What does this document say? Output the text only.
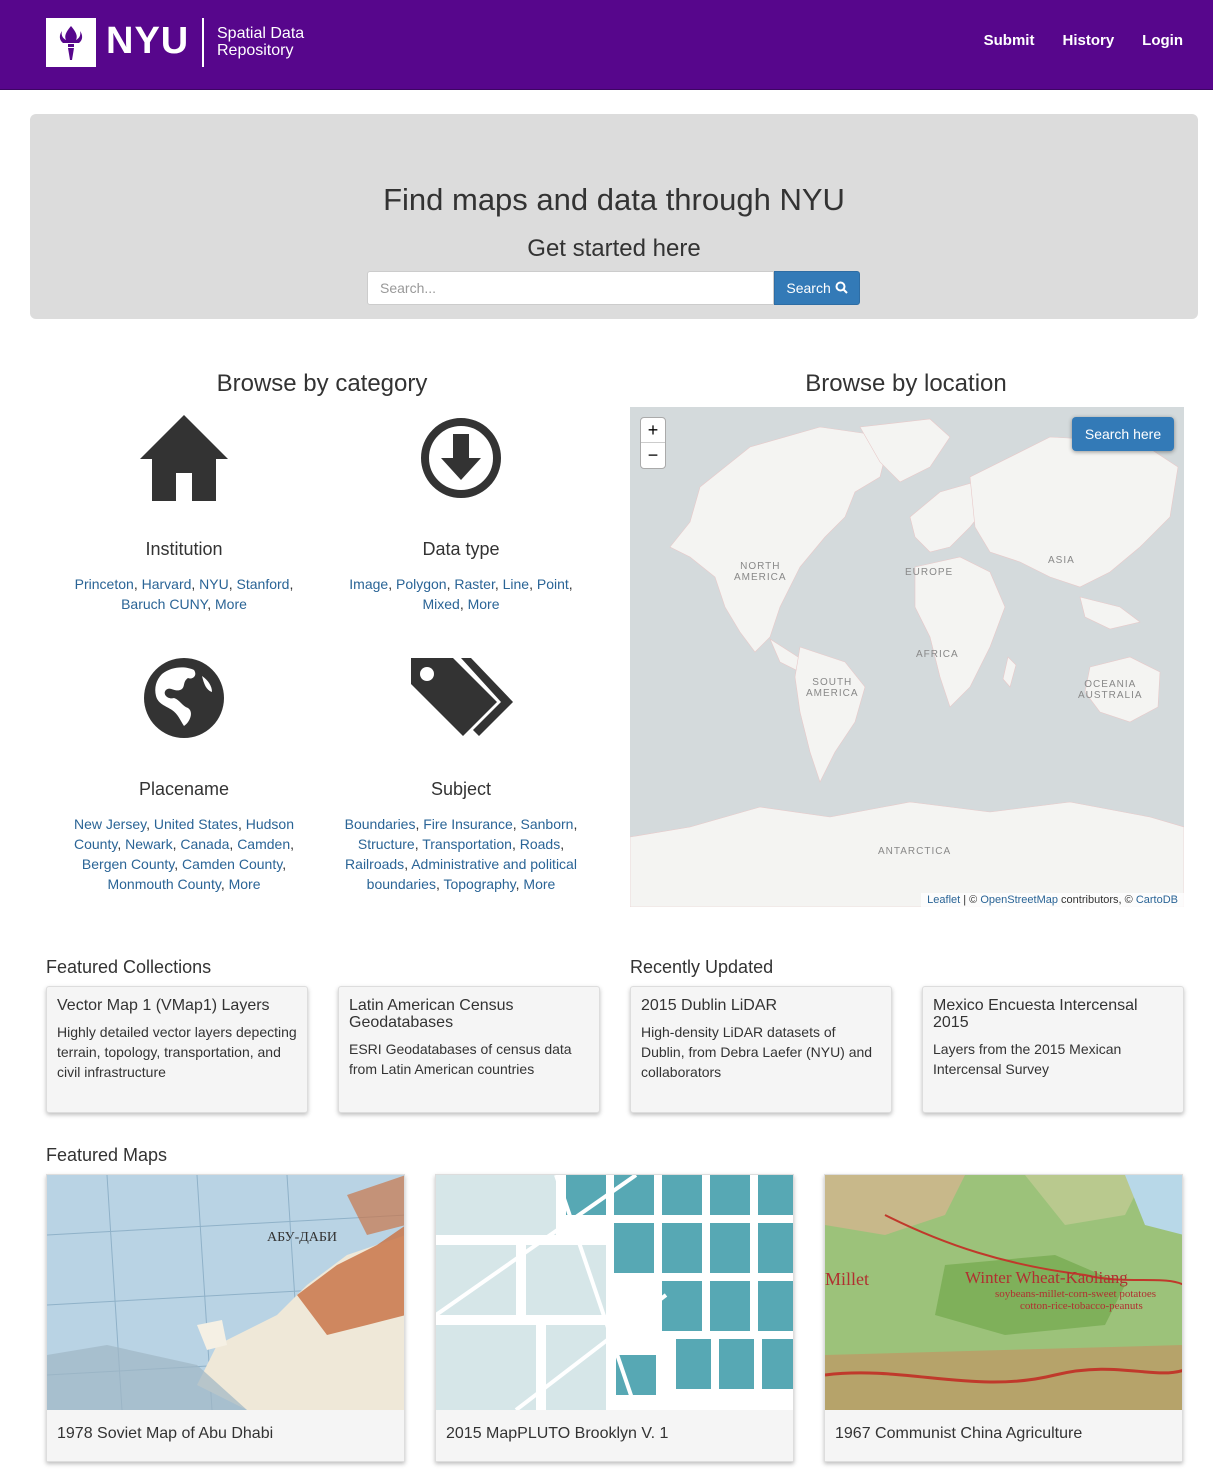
NYU Spatial Data
Repository
Submit History Login
Find maps and data through NYU
Get started here
Search...	Search
Browse by category
Institution
Princeton, Harvard, NYU, Stanford,
Baruch CUNY, More
Data type
Image, Polygon, Raster, Line, Point,
Mixed, More
Placename
New Jersey, United States, Hudson County, Newark, Canada, Camden, Bergen County, Camden County, Monmouth County, More
Subject
Boundaries, Fire Insurance, Sanborn, Structure, Transportation, Roads, Railroads, Administrative and political boundaries, Topography, More
Browse by location
NORTH
AMERICA	EUROPE
ASIA
AFRICA
SOUTH
AMERICA
OCEANIA
AUSTRALIA
ANTARCTICA
+
−
Search here
Leaflet | © OpenStreetMap contributors, © CartoDB
Featured Collections
Vector Map 1 (VMap1) Layers
Highly detailed vector layers depecting terrain, topology, transportation, and civil infrastructure
Latin American Census Geodatabases
ESRI Geodatabases of census data from Latin American countries
Recently Updated
2015 Dublin LiDAR
High-density LiDAR datasets of Dublin, from Debra Laefer (NYU) and collaborators
Mexico Encuesta Intercensal 2015
Layers from the 2015 Mexican Intercensal Survey
Featured Maps
АБУ-ДАБИ
1978 Soviet Map of Abu Dhabi	2015 MapPLUTO Brooklyn V. 1
Millet	Winter Wheat-Kaoliang
soybeans-millet-corn-sweet potatoes
cotton-rice-tobacco-peanuts
1967 Communist China Agriculture
